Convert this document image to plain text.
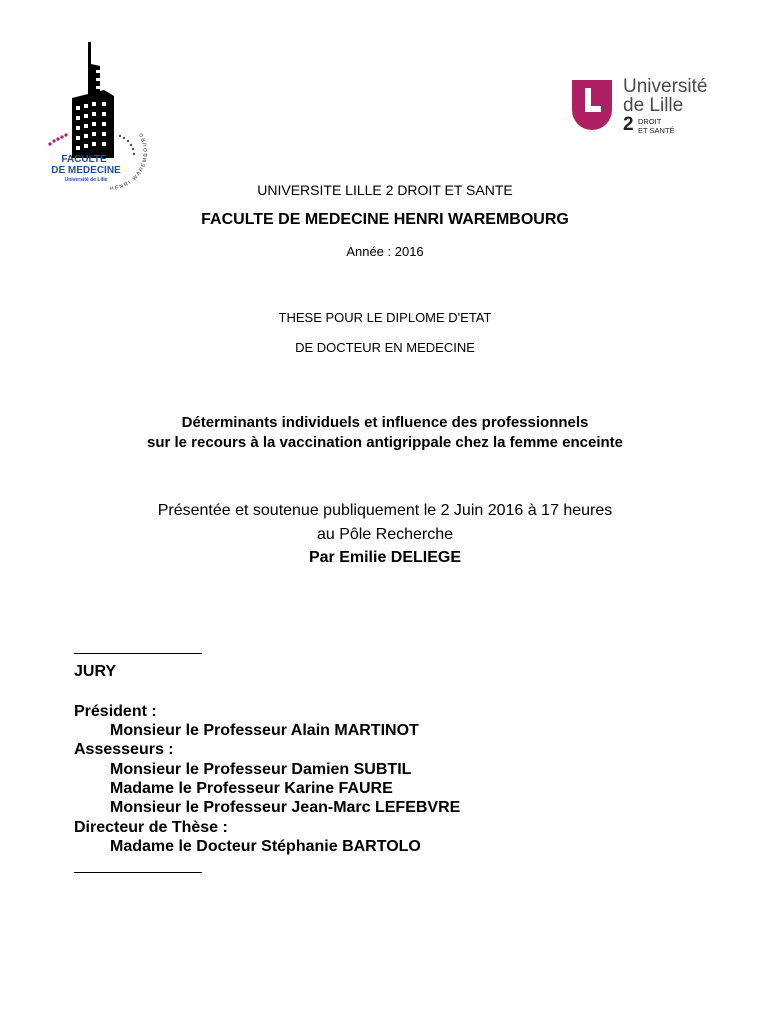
FACULTE
DE MEDECINE
Université de Lille
HENRI WAREMBOURG
Université
de Lille
2 DROIT
ET SANTÉ
UNIVERSITE LILLE 2 DROIT ET SANTE
FACULTE DE MEDECINE HENRI WAREMBOURG
Année : 2016
THESE POUR LE DIPLOME D'ETAT
DE DOCTEUR EN MEDECINE
Déterminants individuels et influence des professionnels
sur le recours à la vaccination antigrippale chez la femme enceinte
Présentée et soutenue publiquement le 2 Juin 2016 à 17 heures
au Pôle Recherche
Par Emilie DELIEGE
JURY
Président :
Monsieur le Professeur Alain MARTINOT
Assesseurs :
Monsieur le Professeur Damien SUBTIL
Madame le Professeur Karine FAURE
Monsieur le Professeur Jean-Marc LEFEBVRE
Directeur de Thèse :
Madame le Docteur Stéphanie BARTOLO
